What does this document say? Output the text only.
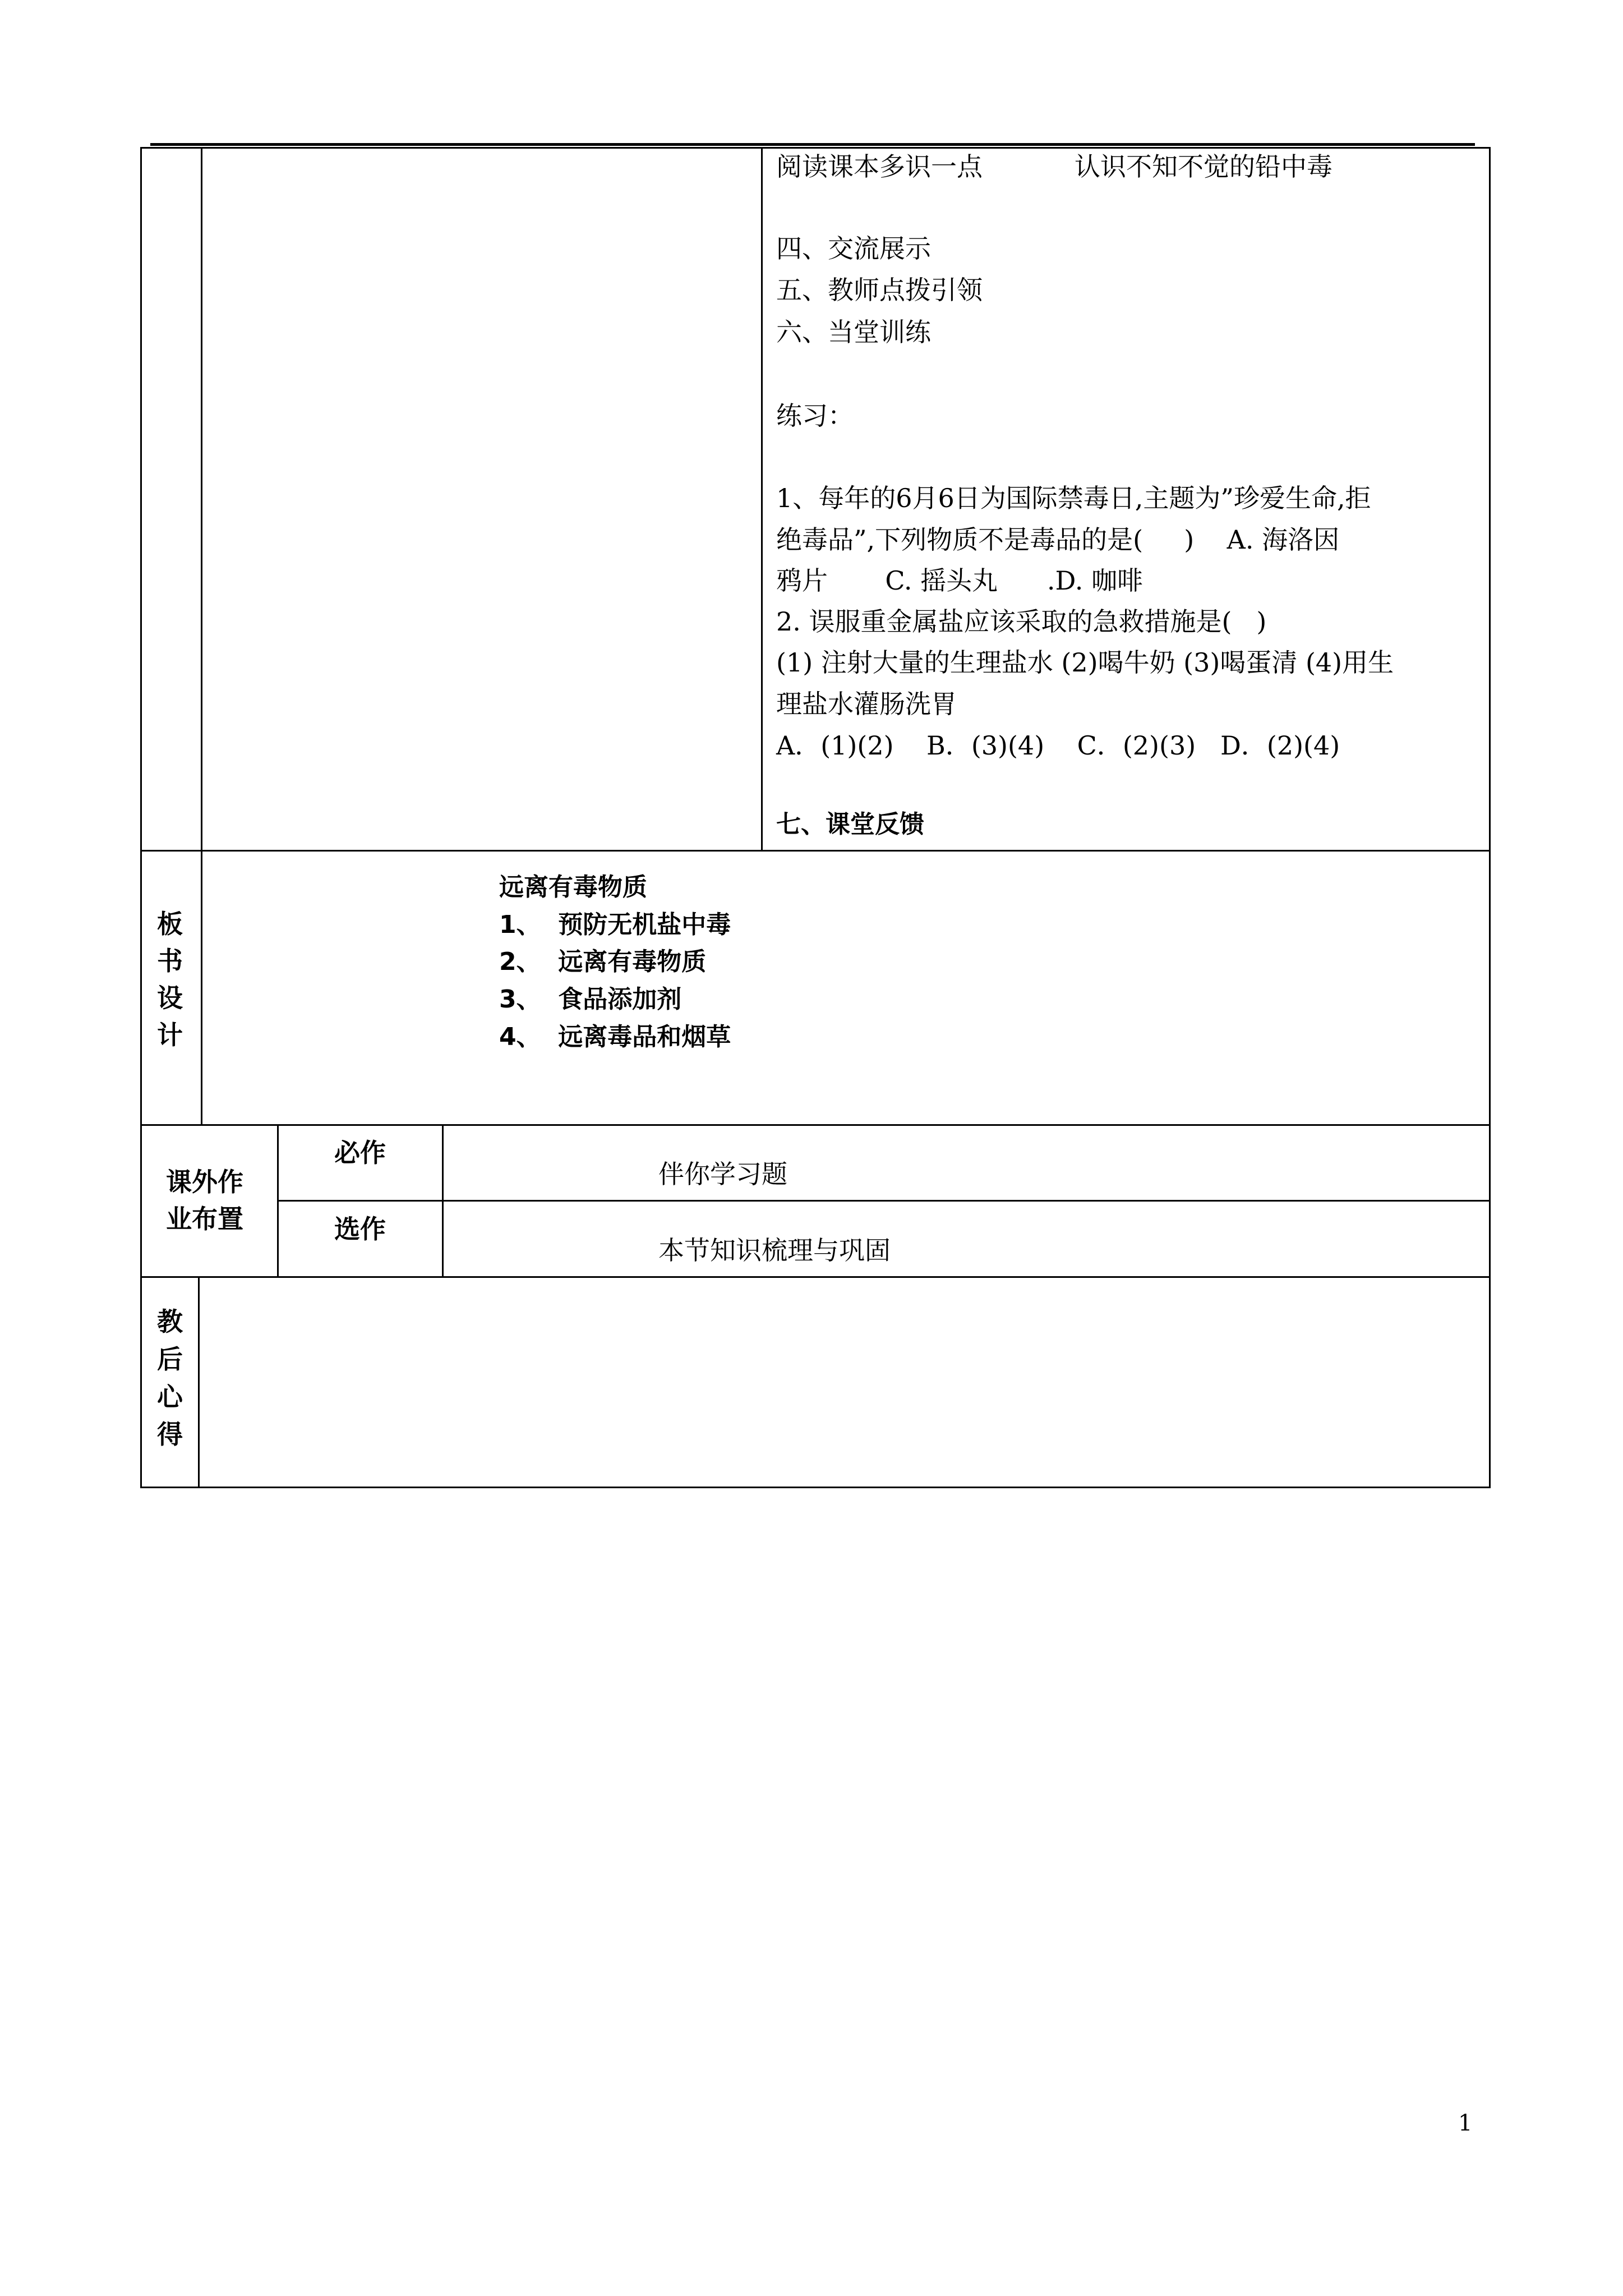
阅读课本多识一点	认识不知不觉的铅中毒
四、交流展示
五、教师点拨引领
六、当堂训练
练习：
1、每年的6月6日为国际禁毒日,主题为”珍爱生命,拒
绝毒品”,下列物质不是毒品的是(     )    A. 海洛因
鸦片       C. 摇头丸      .D. 咖啡
2. 误服重金属盐应该采取的急救措施是(   )
(1) 注射大量的生理盐水 (2)喝牛奶 (3)喝蛋清 (4)用生
理盐水灌肠洗胃
A．(1)(2)    B．(3)(4)    C．(2)(3)   D．(2)(4)
七、课堂反馈
板
书
设
计
远离有毒物质
1、  预防无机盐中毒
2、  远离有毒物质
3、  食品添加剂
4、  远离毒品和烟草
课外作
业布置
必作
伴你学习题
选作
本节知识梳理与巩固
教
后
心
得
1
